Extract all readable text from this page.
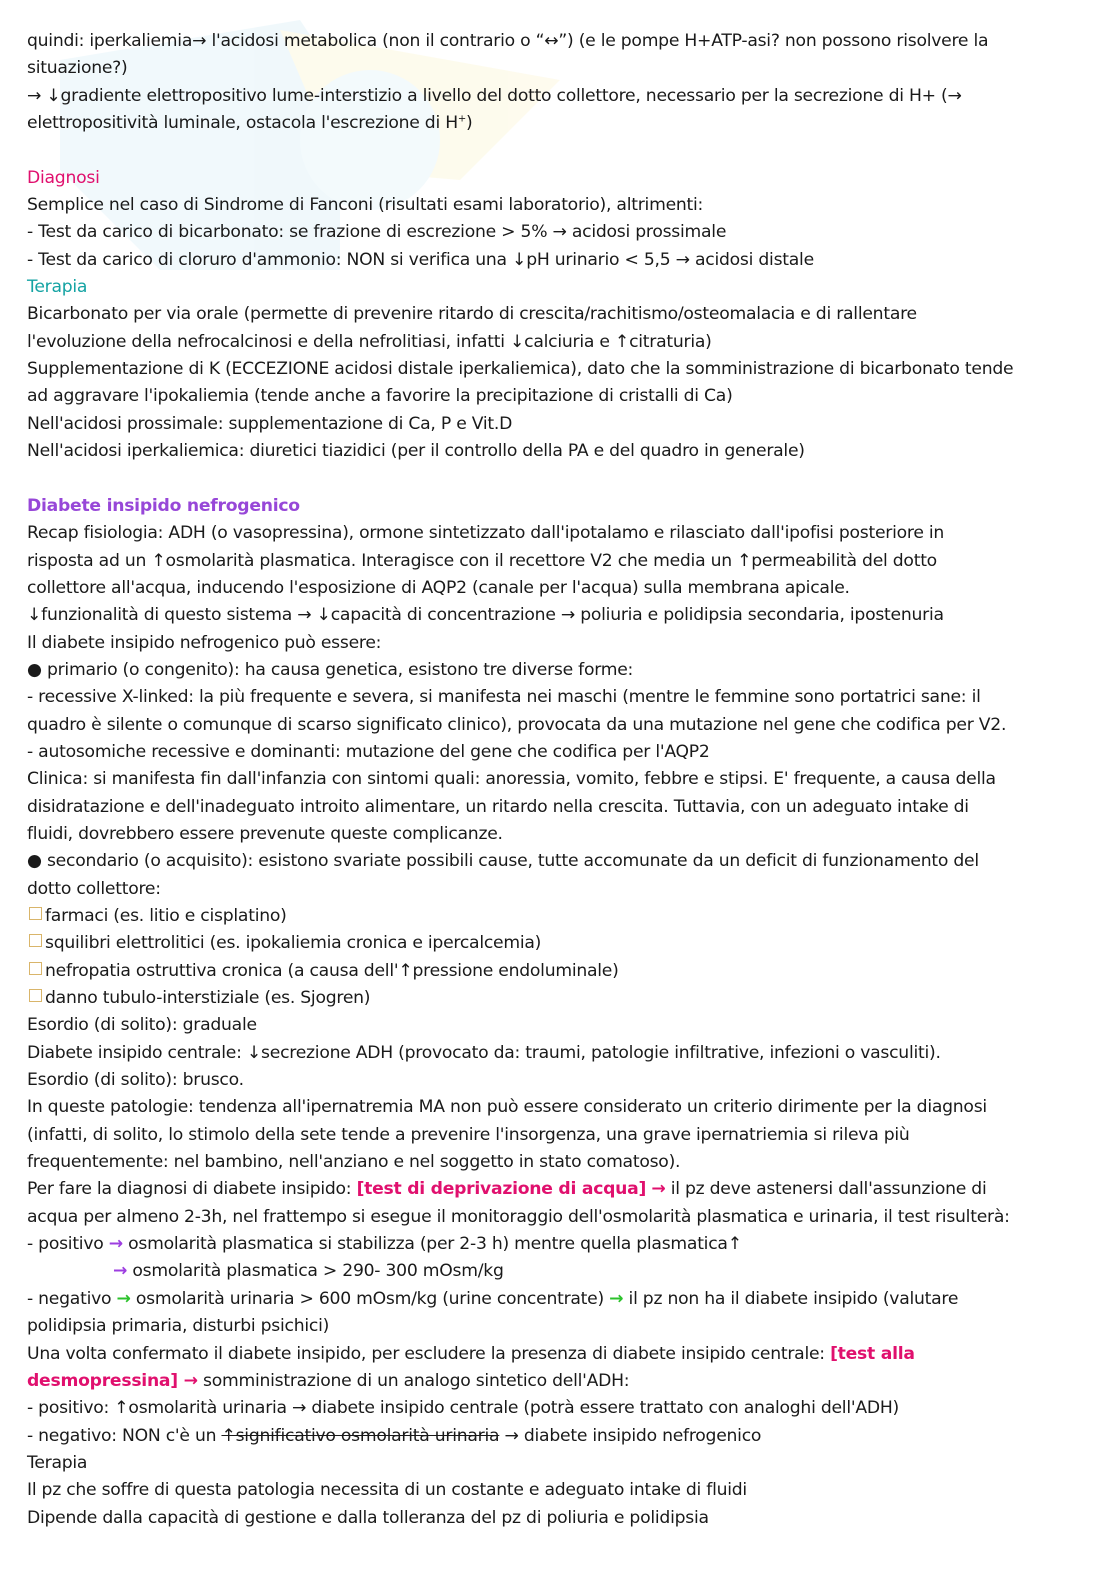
quindi: iperkaliemia→ l'acidosi metabolica (non il contrario o “↔”) (e le pompe H+ATP-asi? non possono risolvere la

situazione?)

→ ↓gradiente elettropositivo lume-interstizio a livello del dotto collettore, necessario per la secrezione di H+ (→

elettropositività luminale, ostacola l'escrezione di H+)

Diagnosi

Semplice nel caso di Sindrome di Fanconi (risultati esami laboratorio), altrimenti:

- Test da carico di bicarbonato: se frazione di escrezione > 5% → acidosi prossimale

- Test da carico di cloruro d'ammonio: NON si verifica una ↓pH urinario < 5,5 → acidosi distale

Terapia

Bicarbonato per via orale (permette di prevenire ritardo di crescita/rachitismo/osteomalacia e di rallentare

l'evoluzione della nefrocalcinosi e della nefrolitiasi, infatti ↓calciuria e ↑citraturia)

Supplementazione di K (ECCEZIONE acidosi distale iperkaliemica), dato che la somministrazione di bicarbonato tende

ad aggravare l'ipokaliemia (tende anche a favorire la precipitazione di cristalli di Ca)

Nell'acidosi prossimale: supplementazione di Ca, P e Vit.D

Nell'acidosi iperkaliemica: diuretici tiazidici (per il controllo della PA e del quadro in generale)

Diabete insipido nefrogenico

Recap fisiologia: ADH (o vasopressina), ormone sintetizzato dall'ipotalamo e rilasciato dall'ipofisi posteriore in

risposta ad un ↑osmolarità plasmatica. Interagisce con il recettore V2 che media un ↑permeabilità del dotto

collettore all'acqua, inducendo l'esposizione di AQP2 (canale per l'acqua) sulla membrana apicale.

↓funzionalità di questo sistema → ↓capacità di concentrazione → poliuria e polidipsia secondaria, ipostenuria

Il diabete insipido nefrogenico può essere:

● primario (o congenito): ha causa genetica, esistono tre diverse forme:

- recessive X-linked: la più frequente e severa, si manifesta nei maschi (mentre le femmine sono portatrici sane: il

quadro è silente o comunque di scarso significato clinico), provocata da una mutazione nel gene che codifica per V2.

- autosomiche recessive e dominanti: mutazione del gene che codifica per l'AQP2

Clinica: si manifesta fin dall'infanzia con sintomi quali: anoressia, vomito, febbre e stipsi. E' frequente, a causa della

disidratazione e dell'inadeguato introito alimentare, un ritardo nella crescita. Tuttavia, con un adeguato intake di

fluidi, dovrebbero essere prevenute queste complicanze.

● secondario (o acquisito): esistono svariate possibili cause, tutte accomunate da un deficit di funzionamento del

dotto collettore:

farmaci (es. litio e cisplatino)

squilibri elettrolitici (es. ipokaliemia cronica e ipercalcemia)

nefropatia ostruttiva cronica (a causa dell'↑pressione endoluminale)

danno tubulo-interstiziale (es. Sjogren)

Esordio (di solito): graduale

Diabete insipido centrale: ↓secrezione ADH (provocato da: traumi, patologie infiltrative, infezioni o vasculiti).

Esordio (di solito): brusco.

In queste patologie: tendenza all'ipernatremia MA non può essere considerato un criterio dirimente per la diagnosi

(infatti, di solito, lo stimolo della sete tende a prevenire l'insorgenza, una grave ipernatriemia si rileva più

frequentemente: nel bambino, nell'anziano e nel soggetto in stato comatoso).

Per fare la diagnosi di diabete insipido: [test di deprivazione di acqua] → il pz deve astenersi dall'assunzione di

acqua per almeno 2-3h, nel frattempo si esegue il monitoraggio dell'osmolarità plasmatica e urinaria, il test risulterà:

- positivo → osmolarità plasmatica si stabilizza (per 2-3 h) mentre quella plasmatica↑

→ osmolarità plasmatica > 290- 300 mOsm/kg

- negativo → osmolarità urinaria > 600 mOsm/kg (urine concentrate) → il pz non ha il diabete insipido (valutare

polidipsia primaria, disturbi psichici)

Una volta confermato il diabete insipido, per escludere la presenza di diabete insipido centrale: [test alla

desmopressina] → somministrazione di un analogo sintetico dell'ADH:

- positivo: ↑osmolarità urinaria → diabete insipido centrale (potrà essere trattato con analoghi dell'ADH)

- negativo: NON c'è un ↑significativo osmolarità urinaria → diabete insipido nefrogenico

Terapia

Il pz che soffre di questa patologia necessita di un costante e adeguato intake di fluidi

Dipende dalla capacità di gestione e dalla tolleranza del pz di poliuria e polidipsia
